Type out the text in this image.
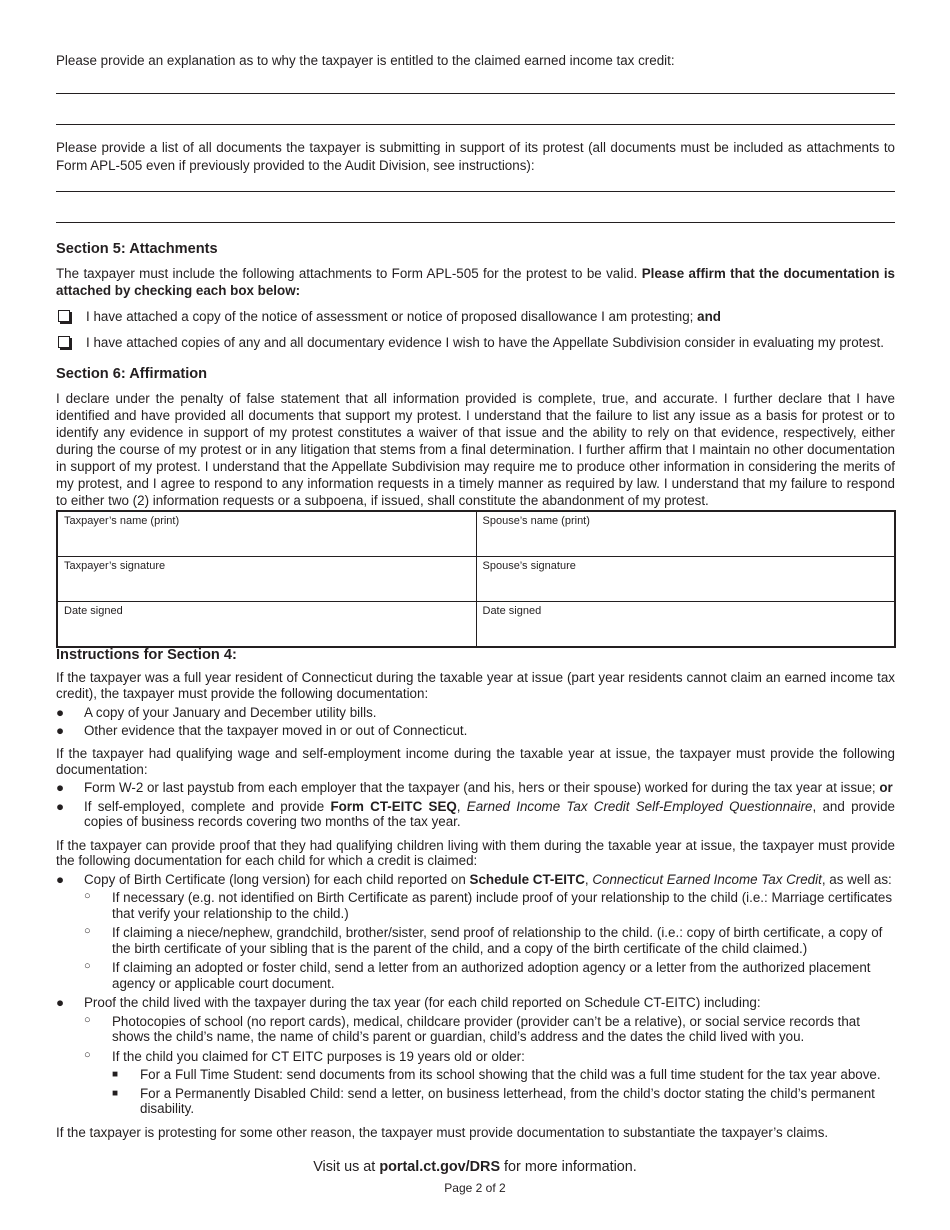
Please provide an explanation as to why the taxpayer is entitled to the claimed earned income tax credit:
Please provide a list of all documents the taxpayer is submitting in support of its protest (all documents must be included as attachments to Form APL-505 even if previously provided to the Audit Division, see instructions):
Section 5: Attachments

The taxpayer must include the following attachments to Form APL-505 for the protest to be valid. Please affirm that the documentation is attached by checking each box below:

I have attached a copy of the notice of assessment or notice of proposed disallowance I am protesting; and
I have attached copies of any and all documentary evidence I wish to have the Appellate Subdivision consider in evaluating my protest.
Section 6: Affirmation

I declare under the penalty of false statement that all information provided is complete, true, and accurate. I further declare that I have identified and have provided all documents that support my protest. I understand that the failure to list any issue as a basis for protest or to identify any evidence in support of my protest constitutes a waiver of that issue and the ability to rely on that evidence, respectively, either during the course of my protest or in any litigation that stems from a final determination. I further affirm that I maintain no other documentation in support of my protest. I understand that the Appellate Subdivision may require me to produce other information in considering the merits of my protest, and I agree to respond to any information requests in a timely manner as required by law. I understand that my failure to respond to either two (2) information requests or a subpoena, if issued, shall constitute the abandonment of my protest.

Taxpayer’s name (print)	Spouse’s name (print)
Taxpayer’s signature	Spouse’s signature
Date signed	Date signed
Instructions for Section 4:

If the taxpayer was a full year resident of Connecticut during the taxable year at issue (part year residents cannot claim an earned income tax credit), the taxpayer must provide the following documentation:

● A copy of your January and December utility bills.
● Other evidence that the taxpayer moved in or out of Connecticut.

If the taxpayer had qualifying wage and self-employment income during the taxable year at issue, the taxpayer must provide the following documentation:

● Form W-2 or last paystub from each employer that the taxpayer (and his, hers or their spouse) worked for during the tax year at issue; or
● If self-employed, complete and provide Form CT-EITC SEQ, Earned Income Tax Credit Self-Employed Questionnaire, and provide copies of business records covering two months of the tax year.

If the taxpayer can provide proof that they had qualifying children living with them during the taxable year at issue, the taxpayer must provide the following documentation for each child for which a credit is claimed:

● Copy of Birth Certificate (long version) for each child reported on Schedule CT-EITC, Connecticut Earned Income Tax Credit, as well as:
○ If necessary (e.g. not identified on Birth Certificate as parent) include proof of your relationship to the child (i.e.: Marriage certificates that verify your relationship to the child.)
○ If claiming a niece/nephew, grandchild, brother/sister, send proof of relationship to the child. (i.e.: copy of birth certificate, a copy of the birth certificate of your sibling that is the parent of the child, and a copy of the birth certificate of the child claimed.)
○ If claiming an adopted or foster child, send a letter from an authorized adoption agency or a letter from the authorized placement agency or applicable court document.
● Proof the child lived with the taxpayer during the tax year (for each child reported on Schedule CT-EITC) including:
○ Photocopies of school (no report cards), medical, childcare provider (provider can’t be a relative), or social service records that shows the child’s name, the name of child’s parent or guardian, child’s address and the dates the child lived with you.
○ If the child you claimed for CT EITC purposes is 19 years old or older:
■ For a Full Time Student: send documents from its school showing that the child was a full time student for the tax year above.
■ For a Permanently Disabled Child: send a letter, on business letterhead, from the child’s doctor stating the child’s permanent disability.

If the taxpayer is protesting for some other reason, the taxpayer must provide documentation to substantiate the taxpayer’s claims.

Visit us at portal.ct.gov/DRS for more information.
Page 2 of 2
